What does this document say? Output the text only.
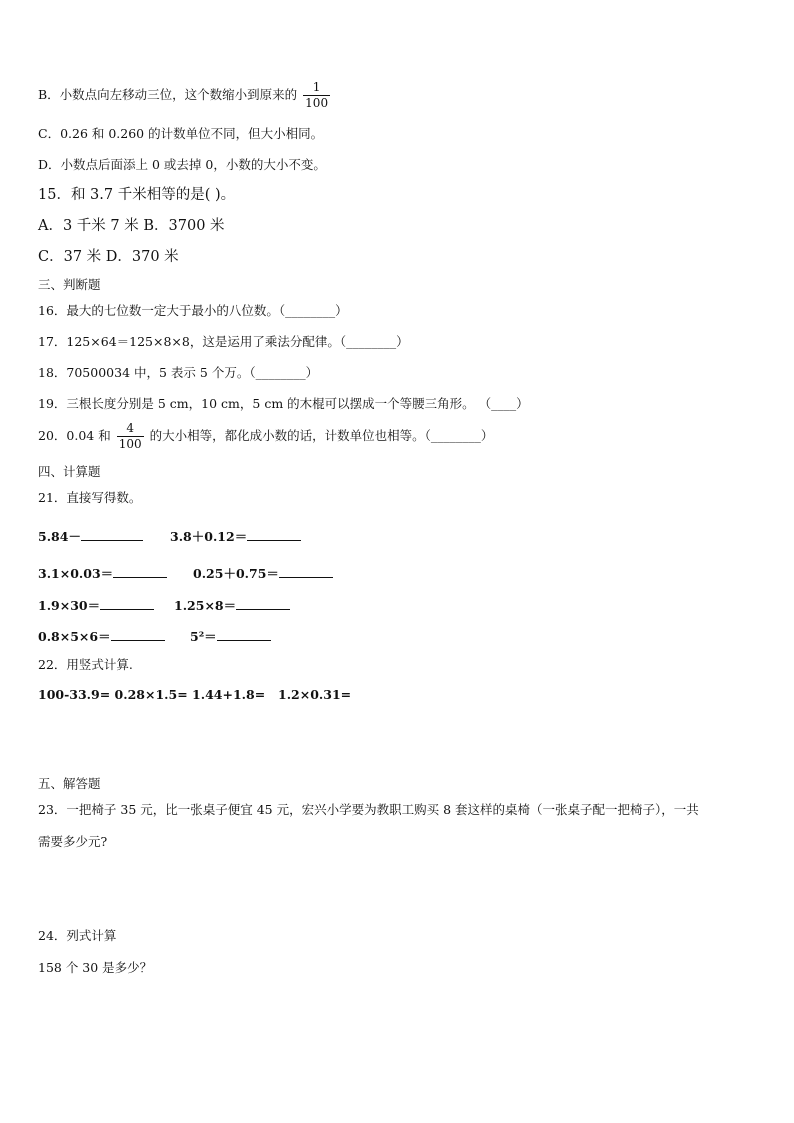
B．小数点向左移动三位，这个数缩小到原来的 $\frac{1}{100}$
C．0.26 和 0.260 的计数单位不同，但大小相同。
D．小数点后面添上 0 或去掉 0，小数的大小不变。
15．和 3.7 千米相等的是( )。
A．3 千米 7 米 B．3700 米
C．37 米 D．370 米
三、判断题
16．最大的七位数一定大于最小的八位数。（________）
17．125×64＝125×8×8，这是运用了乘法分配律。（________）
18．70500034 中，5 表示 5 个万。（________）
19．三根长度分别是 5 cm，10 cm，5 cm 的木棍可以摆成一个等腰三角形。 （____）
20．0.04 和 $\frac{4}{100}$ 的大小相等，都化成小数的话，计数单位也相等。（________）
四、计算题
21．直接写得数。
5.84－	3.8＋0.12＝
3.1×0.03＝	0.25＋0.75＝
1.9×30＝	1.25×8＝
0.8×5×6＝	5²＝
22．用竖式计算.
100-33.9= 0.28×1.5= 1.44+1.8= 1.2×0.31=
五、解答题
23．一把椅子 35 元，比一张桌子便宜 45 元，宏兴小学要为教职工购买 8 套这样的桌椅（一张桌子配一把椅子），一共
需要多少元?
24．列式计算
158 个 30 是多少？
